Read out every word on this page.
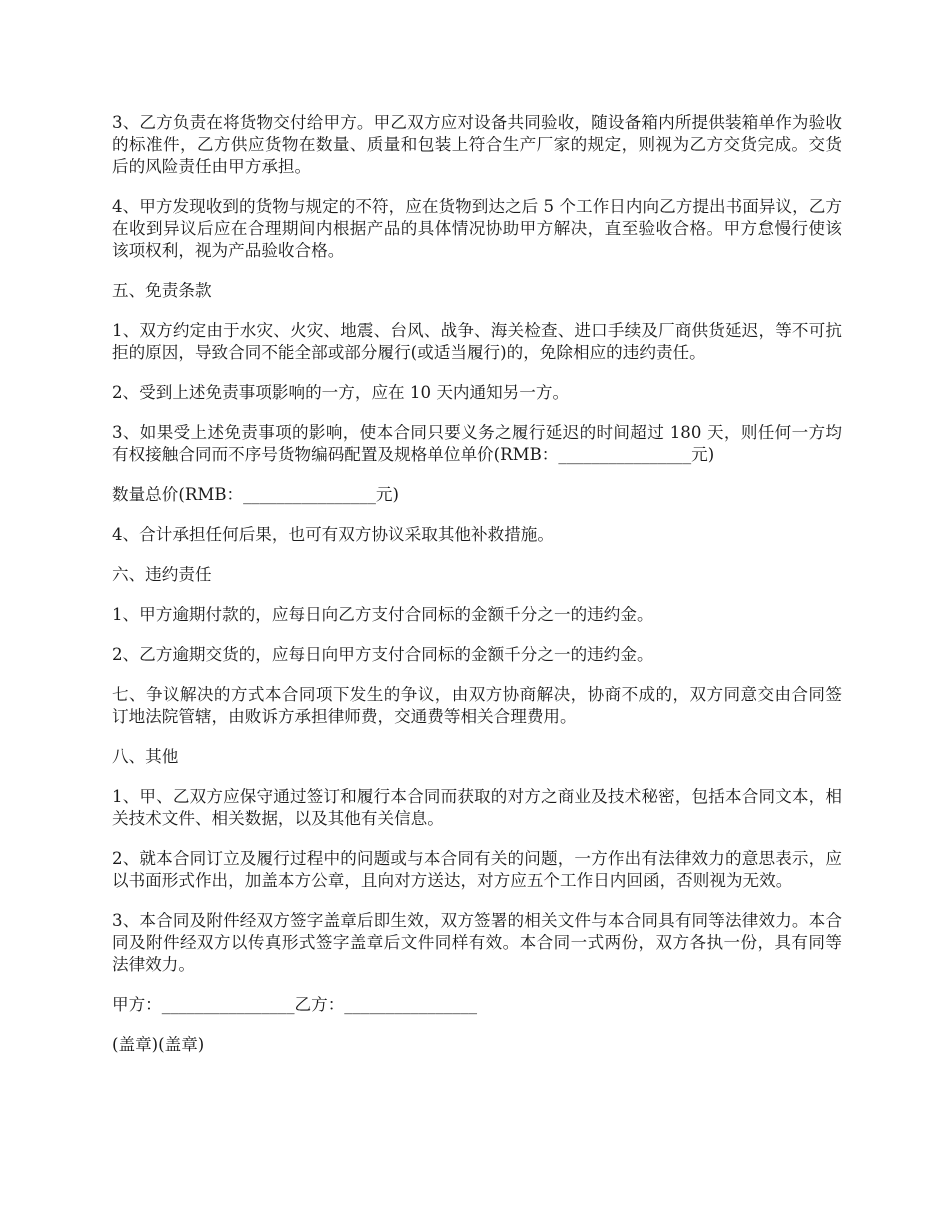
3、乙方负责在将货物交付给甲方。甲乙双方应对设备共同验收，随设备箱内所提供装箱单作为验收的标准件，乙方供应货物在数量、质量和包装上符合生产厂家的规定，则视为乙方交货完成。交货后的风险责任由甲方承担。

4、甲方发现收到的货物与规定的不符，应在货物到达之后 5 个工作日内向乙方提出书面异议，乙方在收到异议后应在合理期间内根据产品的具体情况协助甲方解决，直至验收合格。甲方怠慢行使该该项权利，视为产品验收合格。

五、免责条款

1、双方约定由于水灾、火灾、地震、台风、战争、海关检查、进口手续及厂商供货延迟，等不可抗拒的原因，导致合同不能全部或部分履行(或适当履行)的，免除相应的违约责任。

2、受到上述免责事项影响的一方，应在 10 天内通知另一方。

3、如果受上述免责事项的影响，使本合同只要义务之履行延迟的时间超过 180 天，则任何一方均有权接触合同而不序号货物编码配置及规格单位单价(RMB：________________元)

数量总价(RMB：________________元)

4、合计承担任何后果，也可有双方协议采取其他补救措施。

六、违约责任

1、甲方逾期付款的，应每日向乙方支付合同标的金额千分之一的违约金。

2、乙方逾期交货的，应每日向甲方支付合同标的金额千分之一的违约金。

七、争议解决的方式本合同项下发生的争议，由双方协商解决，协商不成的，双方同意交由合同签订地法院管辖，由败诉方承担律师费，交通费等相关合理费用。

八、其他

1、甲、乙双方应保守通过签订和履行本合同而获取的对方之商业及技术秘密，包括本合同文本，相关技术文件、相关数据，以及其他有关信息。

2、就本合同订立及履行过程中的问题或与本合同有关的问题，一方作出有法律效力的意思表示，应以书面形式作出，加盖本方公章，且向对方送达，对方应五个工作日内回函，否则视为无效。

3、本合同及附件经双方签字盖章后即生效，双方签署的相关文件与本合同具有同等法律效力。本合同及附件经双方以传真形式签字盖章后文件同样有效。本合同一式两份，双方各执一份，具有同等法律效力。

甲方：________________乙方：________________

(盖章)(盖章)
